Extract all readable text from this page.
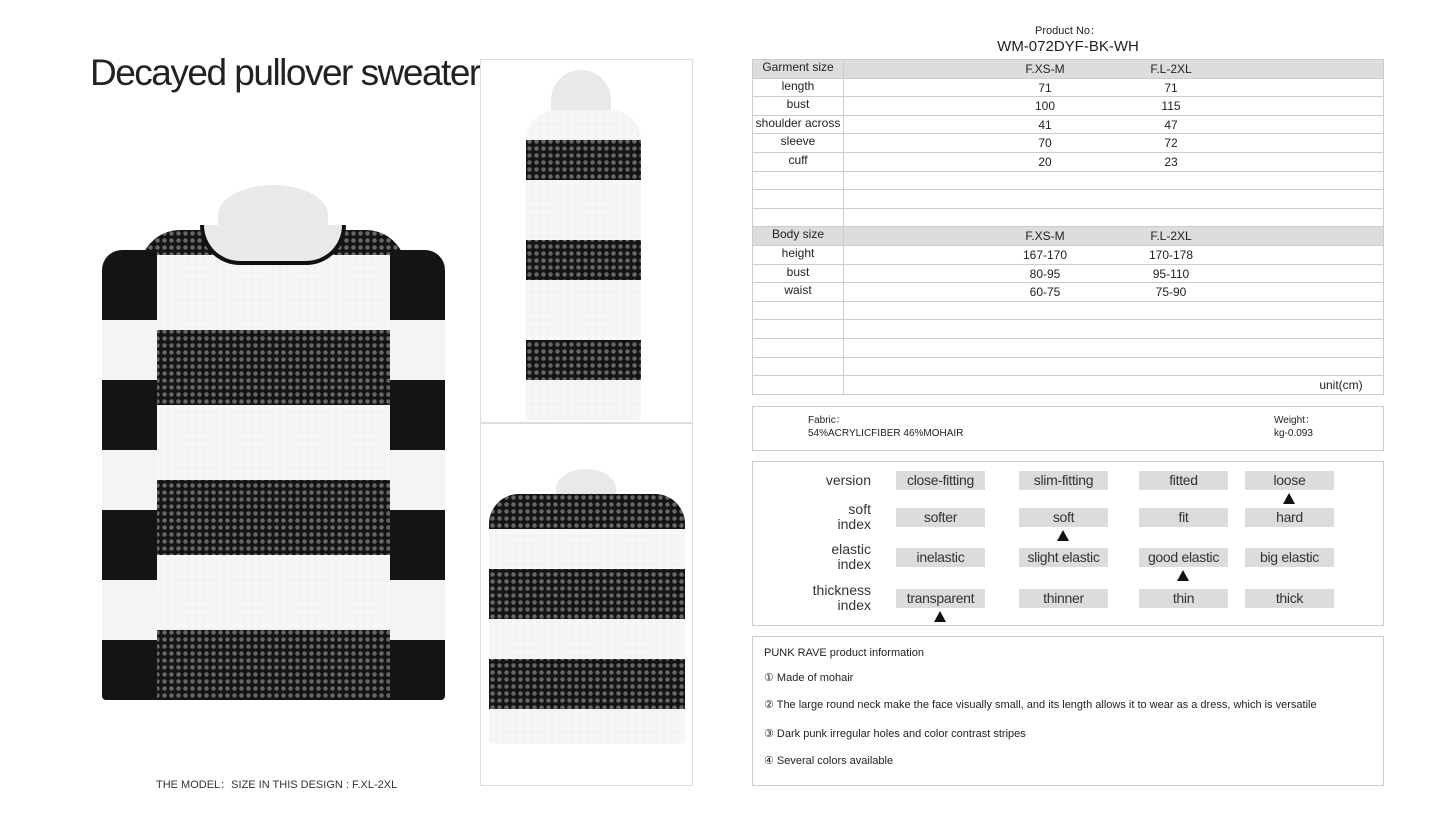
Decayed pullover sweater
THE MODEL：SIZE IN THIS DESIGN : F.XL-2XL
Product No：
WM-072DYF-BK-WH
Garment size	F.XS-M F.L-2XL

length	71 71

bust	100 115

shoulder across	41 47

sleeve	70 72

cuff	20 23

Body size	F.XS-M F.L-2XL

height	167-170 170-178

bust	80-95 95-110

waist	60-75 75-90

	unit(cm)
Fabric：
54%ACRYLICFIBER 46%MOHAIR
Weight：
kg-0.093
version	close-fitting	slim-fitting	fitted	loose
soft
index	softer	soft	fit	hard
elastic
index	inelastic	slight elastic	good elastic	big elastic
thickness
index	transparent	thinner	thin	thick
PUNK RAVE product information
① Made of mohair
② The large round neck make the face visually small, and its length allows it to wear as a dress, which is versatile
③ Dark punk irregular holes and color contrast stripes
④ Several colors available
